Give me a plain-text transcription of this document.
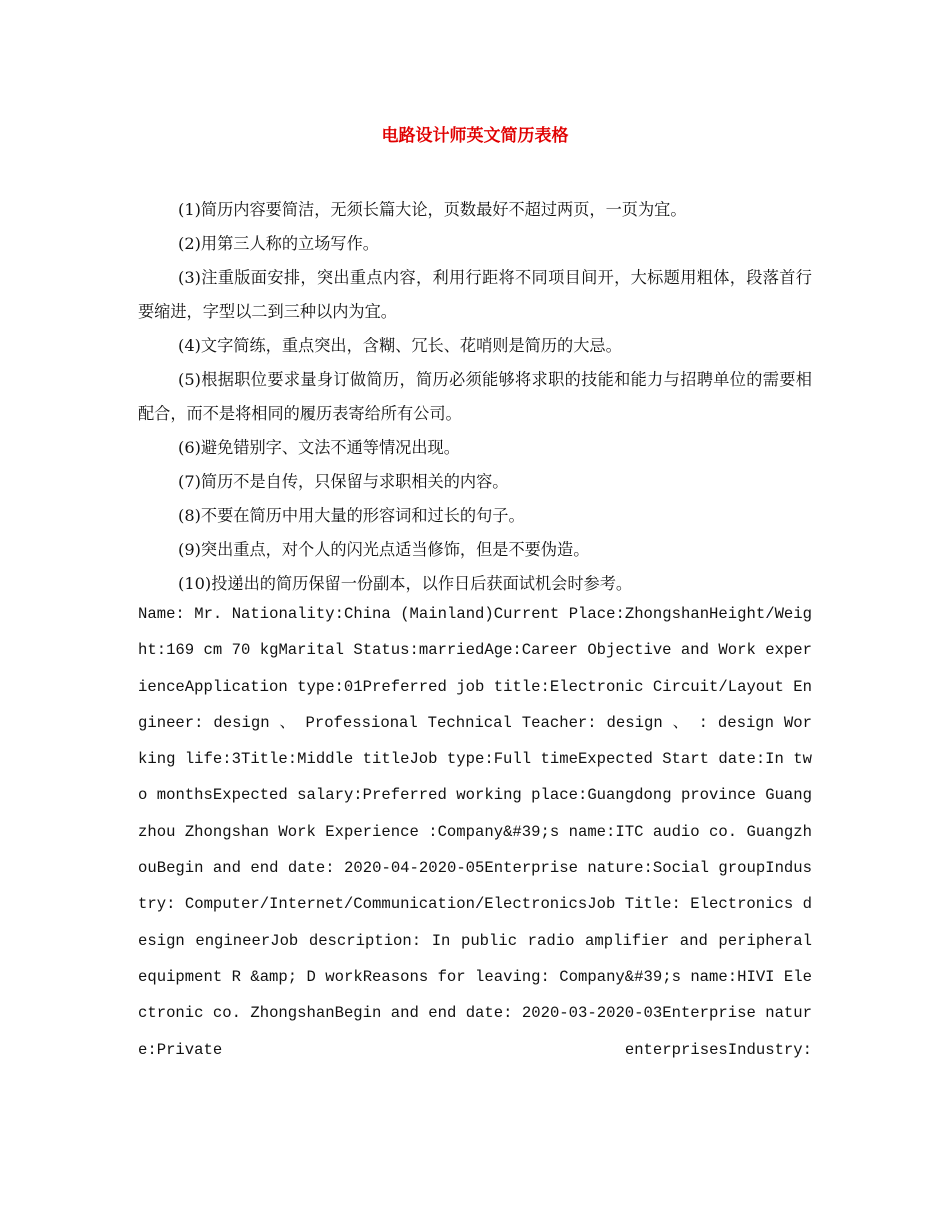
电路设计师英文简历表格
(1)简历内容要简洁，无须长篇大论，页数最好不超过两页，一页为宜。
(2)用第三人称的立场写作。
(3)注重版面安排，突出重点内容，利用行距将不同项目间开，大标题用粗体，段落首行要缩进，字型以二到三种以内为宜。
(4)文字简练，重点突出，含糊、冗长、花哨则是简历的大忌。
(5)根据职位要求量身订做简历，简历必须能够将求职的技能和能力与招聘单位的需要相配合，而不是将相同的履历表寄给所有公司。
(6)避免错别字、文法不通等情况出现。
(7)简历不是自传，只保留与求职相关的内容。
(8)不要在简历中用大量的形容词和过长的句子。
(9)突出重点，对个人的闪光点适当修饰，但是不要伪造。
(10)投递出的简历保留一份副本，以作日后获面试机会时参考。

Name: Mr. Nationality:China (Mainland)Current Place:ZhongshanHeight/Weight:169 cm 70 kgMarital Status:marriedAge:Career Objective and Work experienceApplication type:01Preferred job title:Electronic Circuit/Layout Engineer: design 、 Professional Technical Teacher: design 、 : design Working life:3Title:Middle titleJob type:Full timeExpected Start date:In two monthsExpected salary:Preferred working place:Guangdong province Guangzhou Zhongshan Work Experience :Company&#39;s name:ITC audio co. GuangzhouBegin and end date: 2020-04-2020-05Enterprise nature:Social groupIndustry: Computer/Internet/Communication/ElectronicsJob Title: Electronics design engineerJob description: In public radio amplifier and peripheral equipment R &amp; D workReasons for leaving: Company&#39;s name:HIVI Electronic co. ZhongshanBegin and end date: 2020-03-2020-03Enterprise nature:Private enterprisesIndustry:
